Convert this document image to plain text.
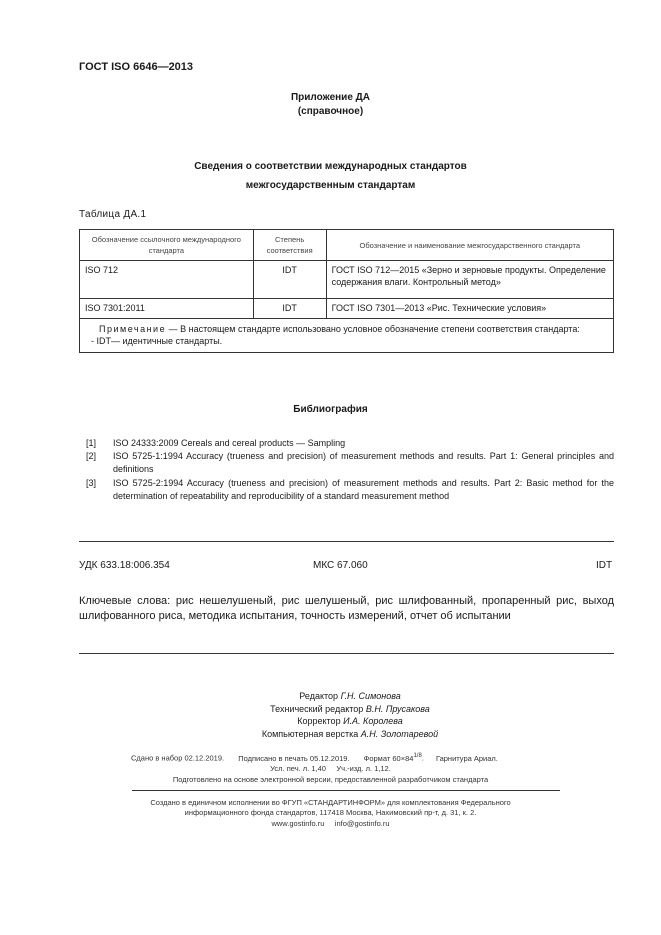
ГОСТ ISO 6646—2013
Приложение ДА
(справочное)
Сведения о соответствии международных стандартов
межгосударственным стандартам
Таблица ДА.1
Обозначение ссылочного международного стандарта	Степень соответствия	Обозначение и наименование межгосударственного стандарта
ISO 712	IDT	ГОСТ ISO 712—2015 «Зерно и зерновые продукты. Определение содержания влаги. Контрольный метод»
ISO 7301:2011	IDT	ГОСТ ISO 7301—2013 «Рис. Технические условия»

Примечание — В настоящем стандарте использовано условное обозначение степени соответствия стандарта:
- IDT— идентичные стандарты.		
Библиография
[1] ISO 24333:2009 Cereals and cereal products — Sampling
[2] ISO 5725-1:1994 Accuracy (trueness and precision) of measurement methods and results. Part 1: General principles and definitions
[3] ISO 5725-2:1994 Accuracy (trueness and precision) of measurement methods and results. Part 2: Basic method for the determination of repeatability and reproducibility of a standard measurement method
УДК 633.18:006.354	МКС 67.060	IDT
Ключевые слова: рис нешелушеный, рис шелушеный, рис шлифованный, пропаренный рис, выход шлифованного риса, методика испытания, точность измерений, отчет об испытании
Редактор Г.Н. Симонова
Технический редактор В.Н. Прусакова
Корректор И.А. Королева
Компьютерная верстка А.Н. Золотаревой
Сдано в набор 02.12.2019. Подписано в печать 05.12.2019. Формат $60\times 84^{1/8}$. Гарнитура Ариал.
Усл. печ. л. 1,40     Уч.-изд. л. 1,12.
Подготовлено на основе электронной версии, предоставленной разработчиком стандарта
Создано в единичном исполнении во ФГУП «СТАНДАРТИНФОРМ» для комплектования Федерального
информационного фонда стандартов, 117418 Москва, Нахимовский пр-т, д. 31, к. 2.
www.gostinfo.ru     info@gostinfo.ru
